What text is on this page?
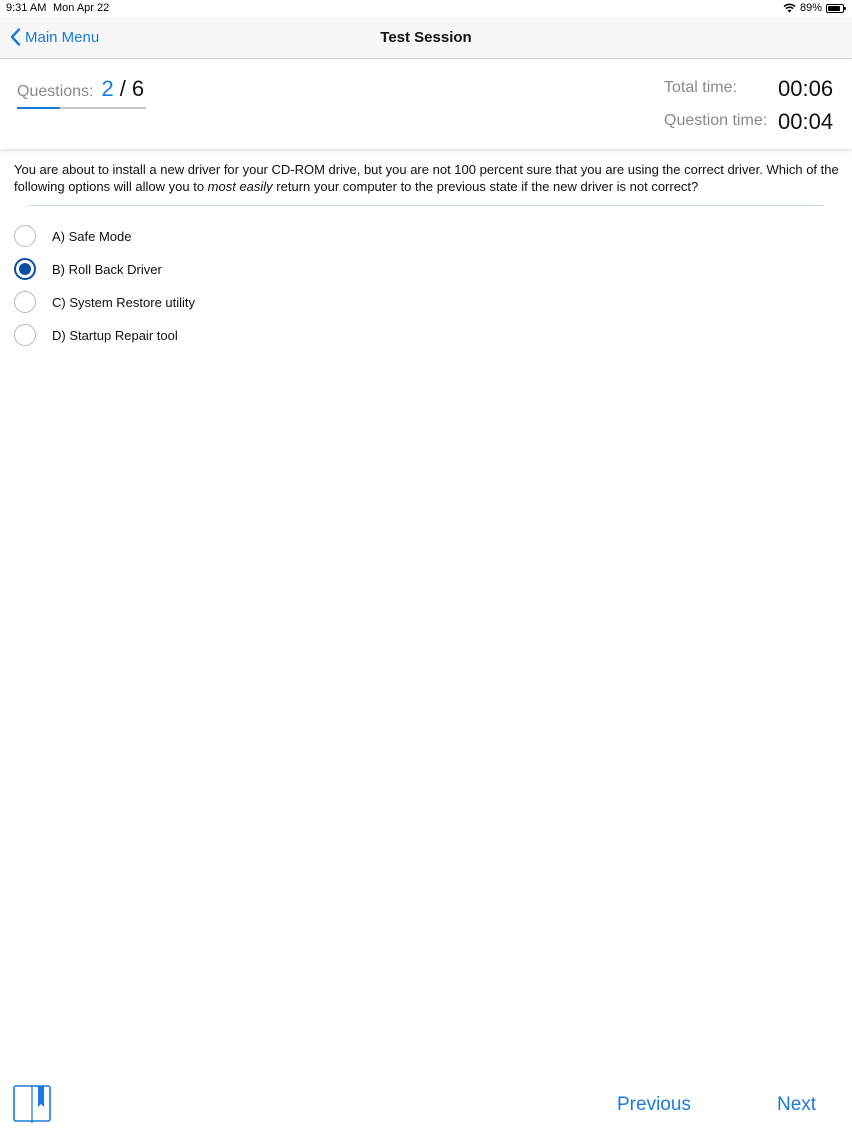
9:31 AM Mon Apr 22	89%
Main Menu	Test Session
Questions: 2 / 6	Total time: 00:06
Question time: 00:04
You are about to install a new driver for your CD-ROM drive, but you are not 100 percent sure that you are using the correct driver. Which of the following options will allow you to most easily return your computer to the previous state if the new driver is not correct?
A) Safe Mode
B) Roll Back Driver
C) System Restore utility
D) Startup Repair tool
Previous	Next
